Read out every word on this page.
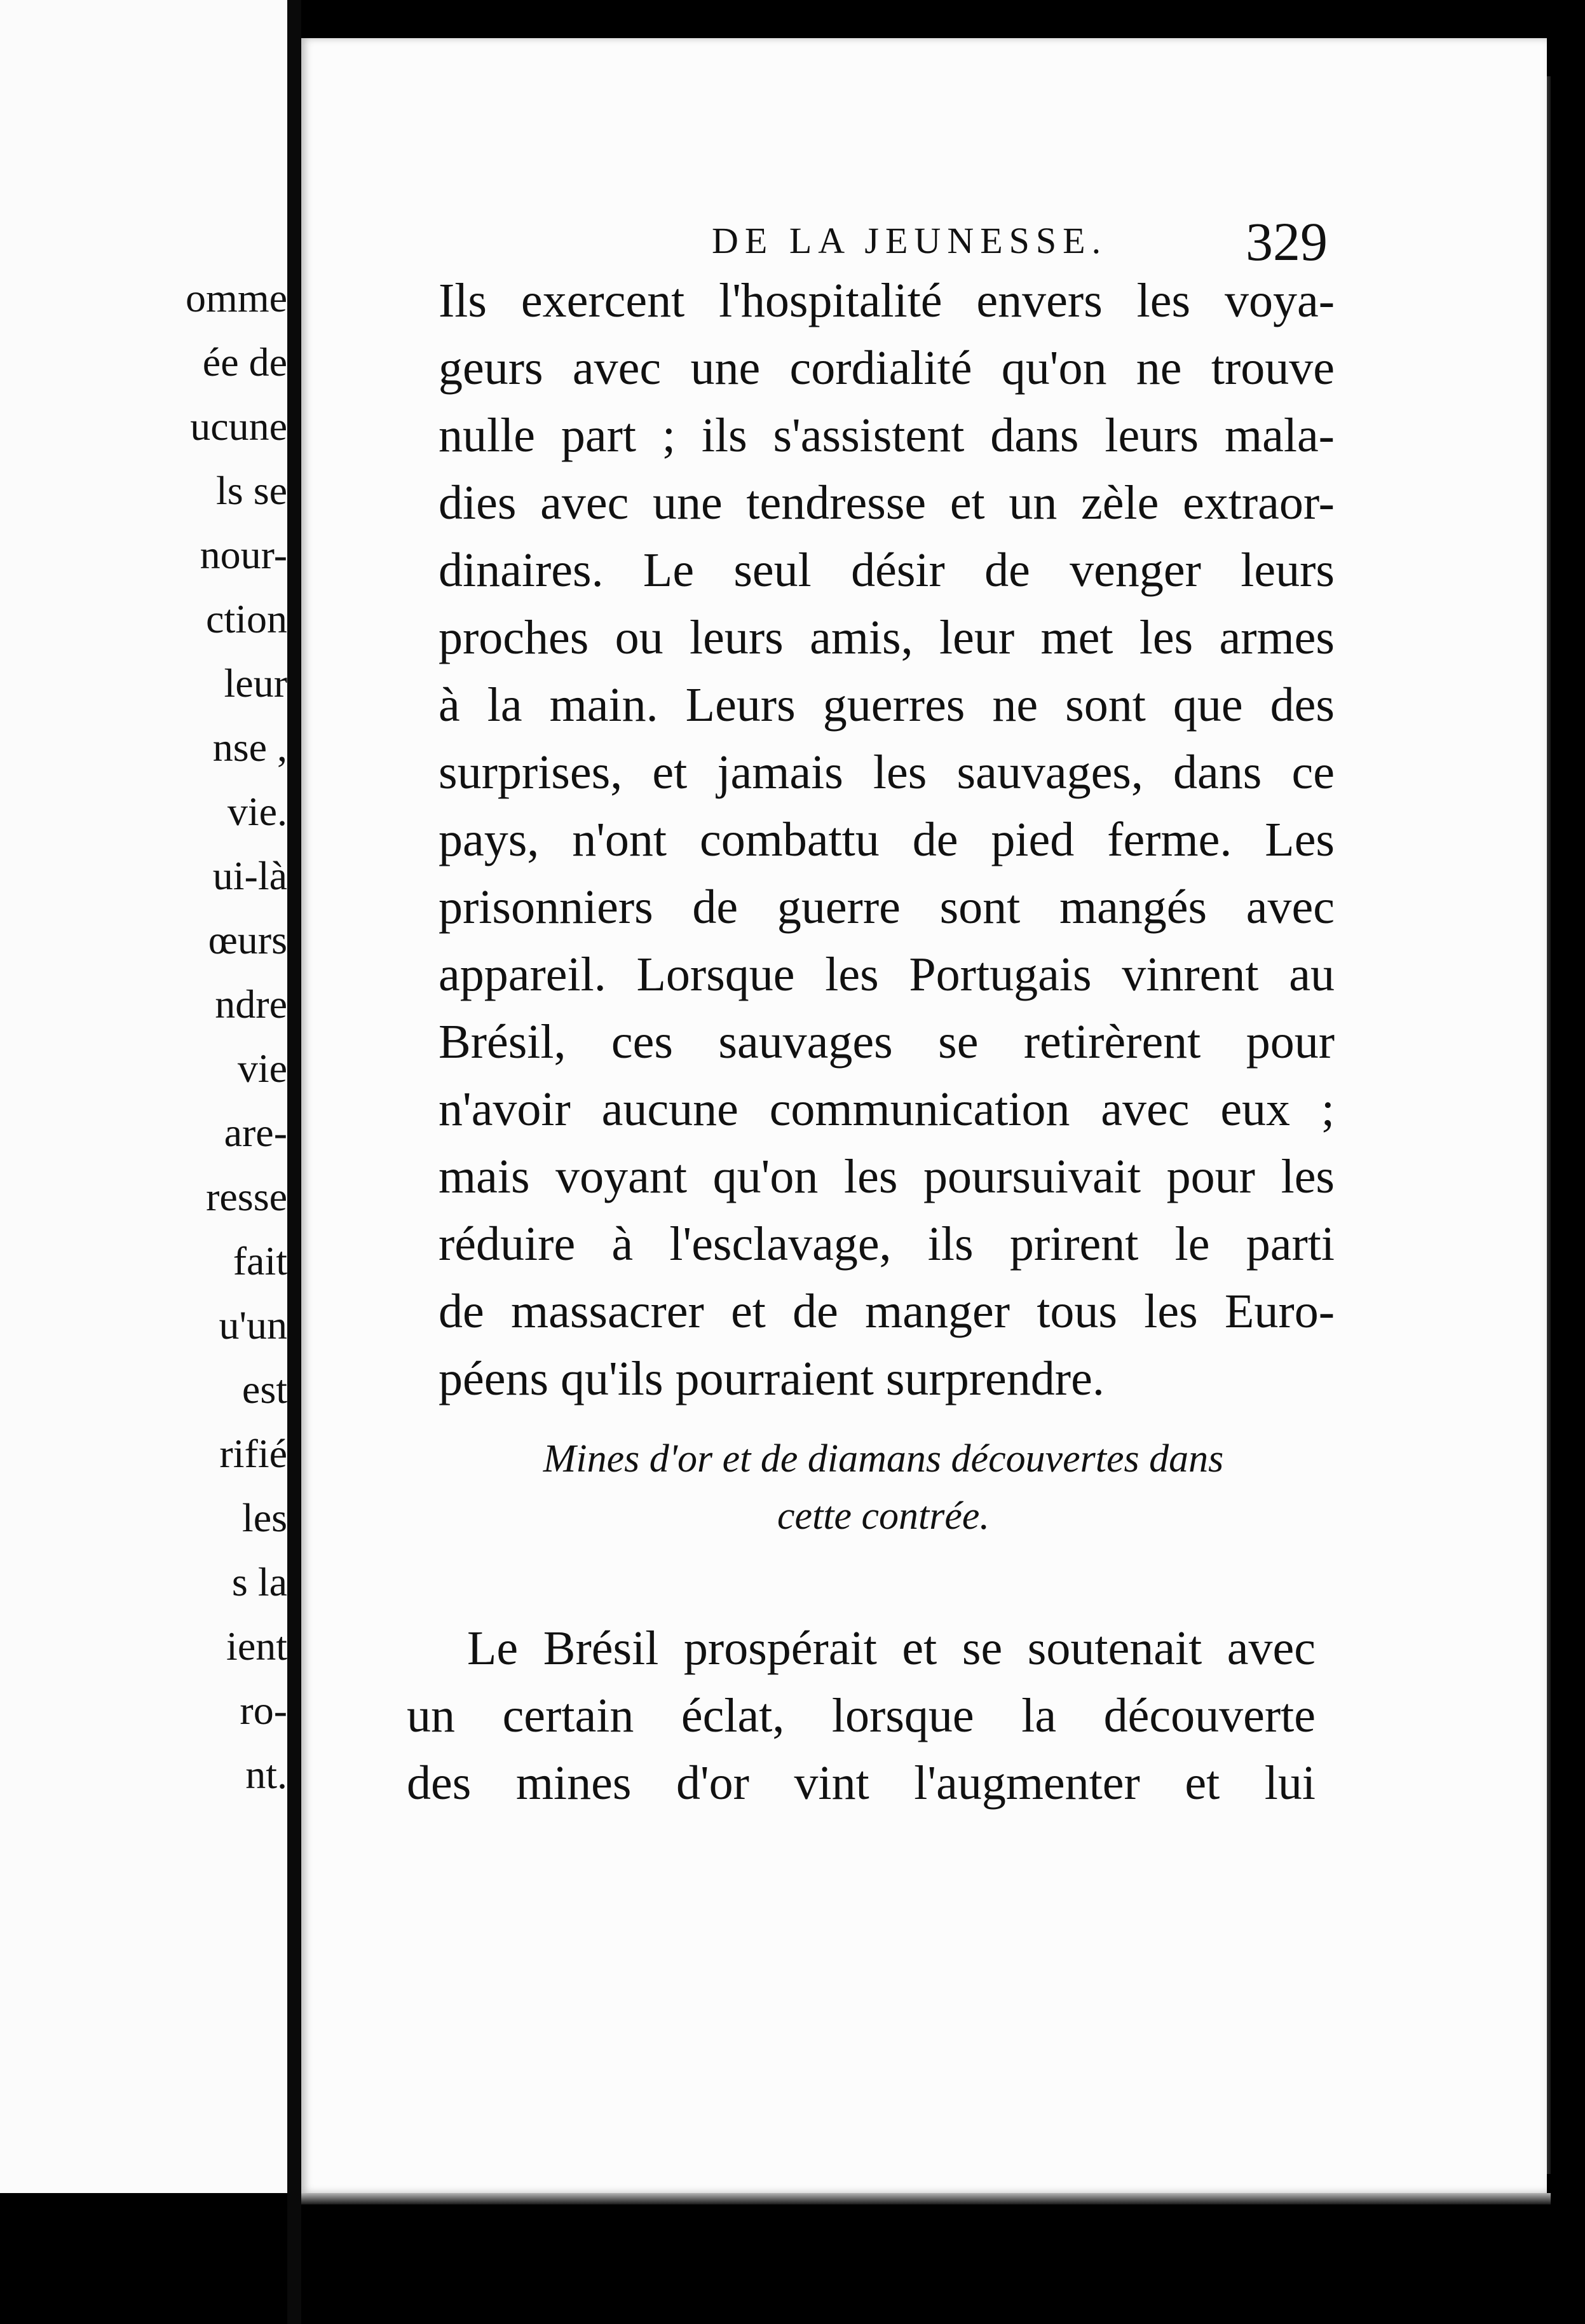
omme
ée de
ucune
ls se
nour-
ction
leur
nse ,
vie.
ui-là
œurs
ndre
vie
are-
resse
fait
u'un
est
rifié
les
s la
ient
ro-
nt.
DE LA JEUNESSE.	329
Ils exercent l'hospitalité envers les voya-
geurs avec une cordialité qu'on ne trouve
nulle part ; ils s'assistent dans leurs mala-
dies avec une tendresse et un zèle extraor-
dinaires. Le seul désir de venger leurs
proches ou leurs amis, leur met les armes
à la main. Leurs guerres ne sont que des
surprises, et jamais les sauvages, dans ce
pays, n'ont combattu de pied ferme. Les
prisonniers de guerre sont mangés avec
appareil. Lorsque les Portugais vinrent au
Brésil, ces sauvages se retirèrent pour
n'avoir aucune communication avec eux ;
mais voyant qu'on les poursuivait pour les
réduire à l'esclavage, ils prirent le parti
de massacrer et de manger tous les Euro-
péens qu'ils pourraient surprendre.
Mines d'or et de diamans découvertes dans
cette contrée.
Le Brésil prospérait et se soutenait avec
un certain éclat, lorsque la découverte
des mines d'or vint l'augmenter et lui
